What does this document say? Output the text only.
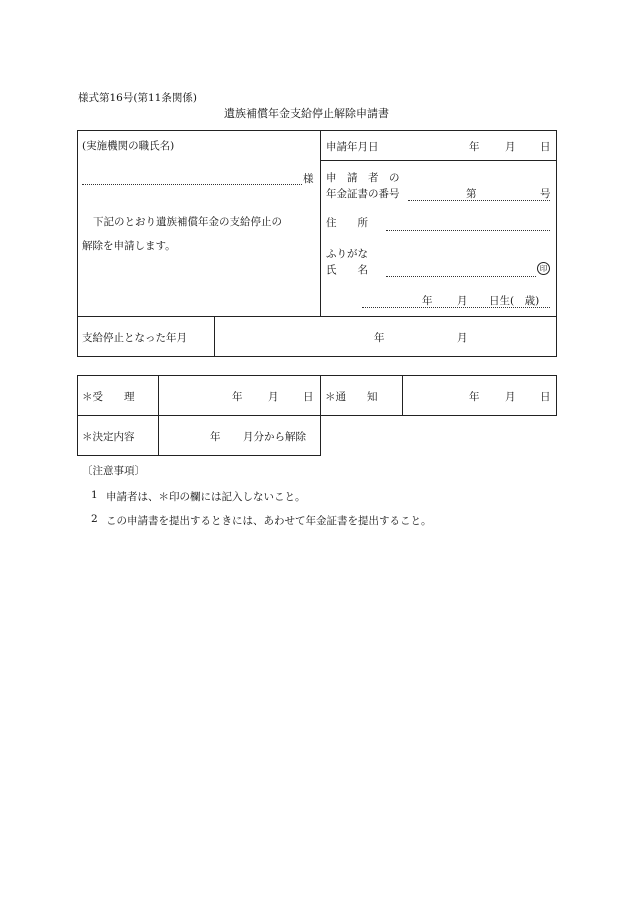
様式第16号(第11条関係)
遺族補償年金支給停止解除申請書
(実施機関の職氏名)
様
下記のとおり遺族補償年金の支給停止の
解除を申請します。
申請年月日	年 月 日
申　請　者　の
年金証書の番号	第	号
住　　所
ふりがな
氏　　名	印
年 月 日生(　歳)
支給停止となった年月	年	月
＊受　　理	年 月 日 ＊通　　知	年 月 日
＊決定内容	年 月分から解除
〔注意事項〕
1 申請者は、＊印の欄には記入しないこと。
2 この申請書を提出するときには、あわせて年金証書を提出すること。
